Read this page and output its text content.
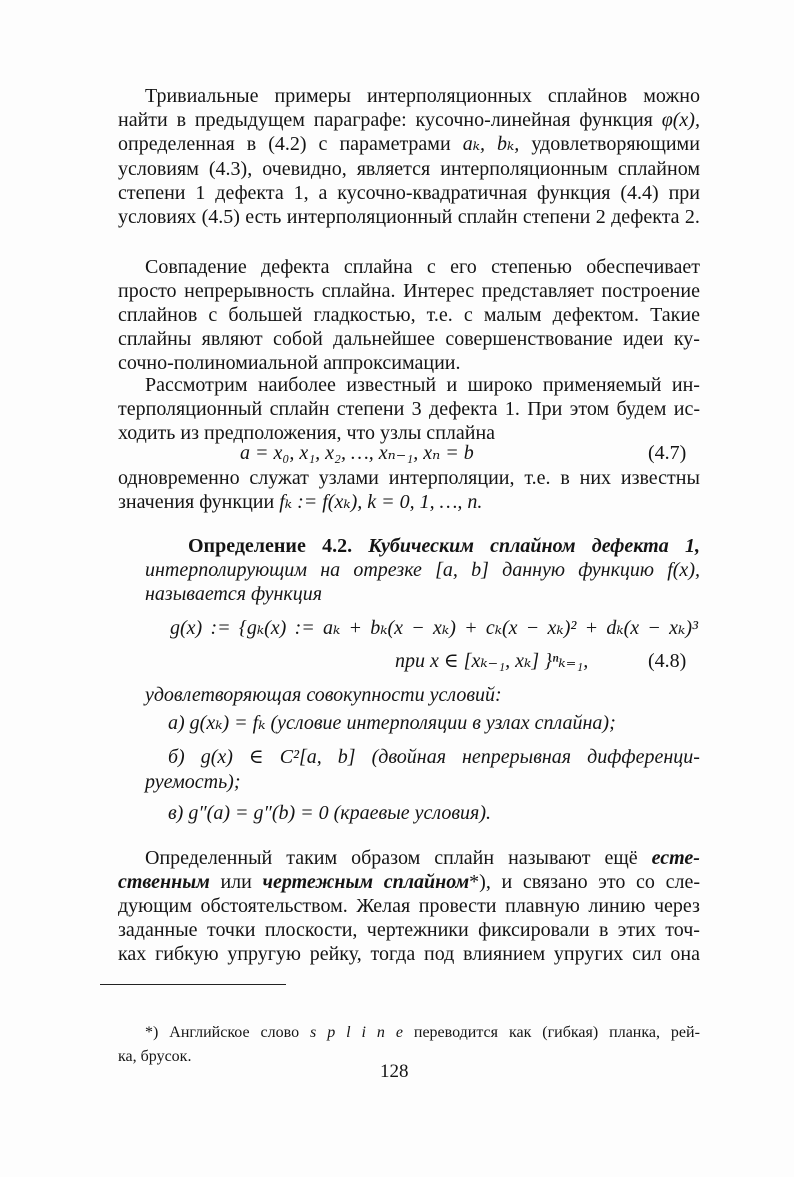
Тривиальные примеры интерполяционных сплайнов можно
найти в предыдущем параграфе: кусочно-линейная функция φ(x),
определенная в (4.2) с параметрами aₖ, bₖ, удовлетворяющими
условиям (4.3), очевидно, является интерполяционным сплайном
степени 1 дефекта 1, а кусочно-квадратичная функция (4.4) при
условиях (4.5) есть интерполяционный сплайн степени 2 дефекта 2.
Совпадение дефекта сплайна с его степенью обеспечивает
просто непрерывность сплайна. Интерес представляет построение
сплайнов с большей гладкостью, т.е. с малым дефектом. Такие
сплайны являют собой дальнейшее совершенствование идеи ку-
сочно-полиномиальной аппроксимации.
Рассмотрим наиболее известный и широко применяемый ин-
терполяционный сплайн степени 3 дефекта 1. При этом будем ис-
ходить из предположения, что узлы сплайна
a = x₀, x₁, x₂, …, xₙ₋₁, xₙ = b
одновременно служат узлами интерполяции, т.е. в них известны
значения функции fₖ := f(xₖ), k = 0, 1, …, n.
Определение 4.2. Кубическим сплайном дефекта 1,
интерполирующим на отрезке [a, b] данную функцию f(x),
называется функция
g(x) := {gₖ(x) := aₖ + bₖ(x − xₖ) + cₖ(x − xₖ)² + dₖ(x − xₖ)³
при x ∈ [xₖ₋₁, xₖ] }ⁿₖ₌₁,
удовлетворяющая совокупности условий:
а) g(xₖ) = fₖ (условие интерполяции в узлах сплайна);
б) g(x) ∈ C²[a, b] (двойная непрерывная дифференци-
руемость);
в) g″(a) = g″(b) = 0 (краевые условия).
Определенный таким образом сплайн называют ещё есте-
ственным или чертежным сплайном*), и связано это со сле-
дующим обстоятельством. Желая провести плавную линию через
заданные точки плоскости, чертежники фиксировали в этих точ-
ках гибкую упругую рейку, тогда под влиянием упругих сил она
(4.7)
(4.8)
*) Английское слово s p l i n e переводится как (гибкая) планка, рей-
ка, брусок.
128
